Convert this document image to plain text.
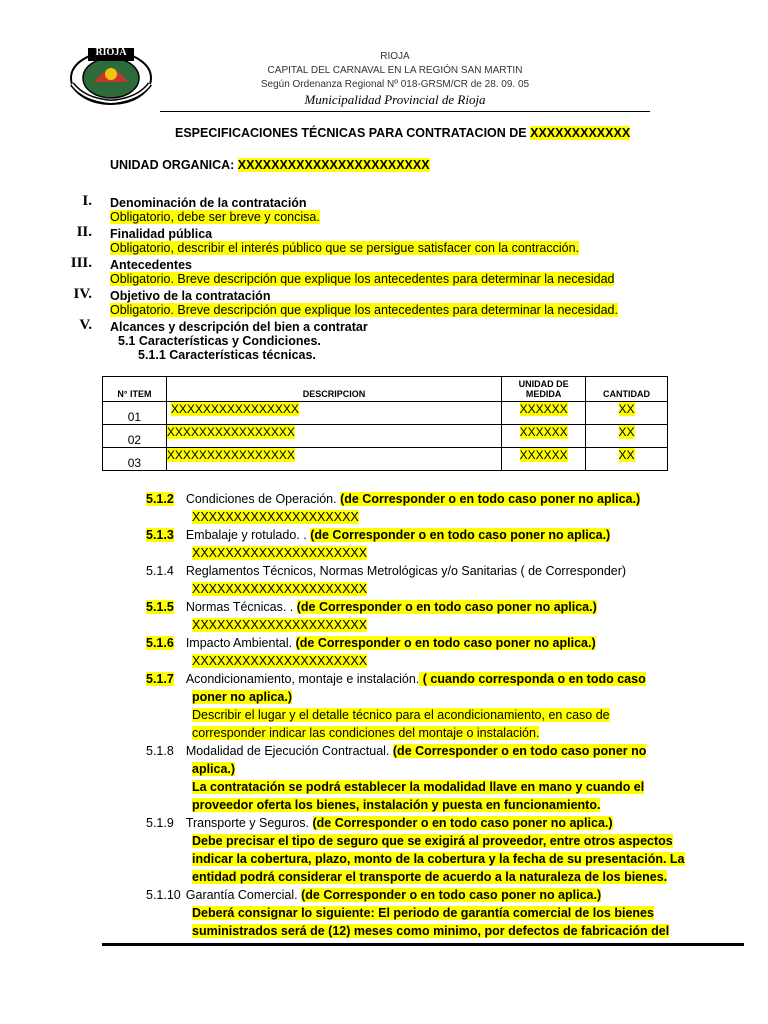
RIOJA	RIOJA
CAPITAL DEL CARNAVAL EN LA REGIÓN SAN MARTIN
Según Ordenanza Regional Nº 018-GRSM/CR de 28. 09. 05
Municipalidad Provincial de Rioja
ESPECIFICACIONES TÉCNICAS PARA CONTRATACION DE XXXXXXXXXXXX
UNIDAD ORGANICA: XXXXXXXXXXXXXXXXXXXXXXX
I. Denominación de la contratación
Obligatorio, debe ser breve y concisa.
II. Finalidad pública
Obligatorio, describir el interés público que se persigue satisfacer con la contracción.
III. Antecedentes
Obligatorio. Breve descripción que explique los antecedentes para determinar la necesidad
IV. Objetivo de la contratación
Obligatorio. Breve descripción que explique los antecedentes para determinar la necesidad.
V. Alcances y descripción del bien a contratar
5.1 Características y Condiciones.
5.1.1 Características técnicas.
N° ITEM	DESCRIPCION	UNIDAD DE MEDIDA	CANTIDAD
01	XXXXXXXXXXXXXXXX	XXXXXX	XX
02	XXXXXXXXXXXXXXXX	XXXXXX	XX
03	XXXXXXXXXXXXXXXX	XXXXXX	XX
5.1.2 Condiciones de Operación. (de Corresponder o en todo caso poner no aplica.)
XXXXXXXXXXXXXXXXXXXX
5.1.3 Embalaje y rotulado. . (de Corresponder o en todo caso poner no aplica.)
XXXXXXXXXXXXXXXXXXXXX
5.1.4 Reglamentos Técnicos, Normas Metrológicas y/o Sanitarias ( de Corresponder)
XXXXXXXXXXXXXXXXXXXXX
5.1.5 Normas Técnicas. . (de Corresponder o en todo caso poner no aplica.)
XXXXXXXXXXXXXXXXXXXXX
5.1.6 Impacto Ambiental. (de Corresponder o en todo caso poner no aplica.)
XXXXXXXXXXXXXXXXXXXXX
5.1.7 Acondicionamiento, montaje e instalación. ( cuando corresponda o en todo caso
poner no aplica.)
Describir el lugar y el detalle técnico para el acondicionamiento, en caso de
corresponder indicar las condiciones del montaje o instalación.
5.1.8 Modalidad de Ejecución Contractual. (de Corresponder o en todo caso poner no
aplica.)
La contratación se podrá establecer la modalidad llave en mano y cuando el
proveedor oferta los bienes, instalación y puesta en funcionamiento.
5.1.9 Transporte y Seguros. (de Corresponder o en todo caso poner no aplica.)
Debe precisar el tipo de seguro que se exigirá al proveedor, entre otros aspectos
indicar la cobertura, plazo, monto de la cobertura y la fecha de su presentación. La
entidad podrá considerar el transporte de acuerdo a la naturaleza de los bienes.
5.1.10 Garantía Comercial. (de Corresponder o en todo caso poner no aplica.)
Deberá consignar lo siguiente: El periodo de garantía comercial de los bienes
suministrados será de (12) meses como minimo, por defectos de fabricación del
